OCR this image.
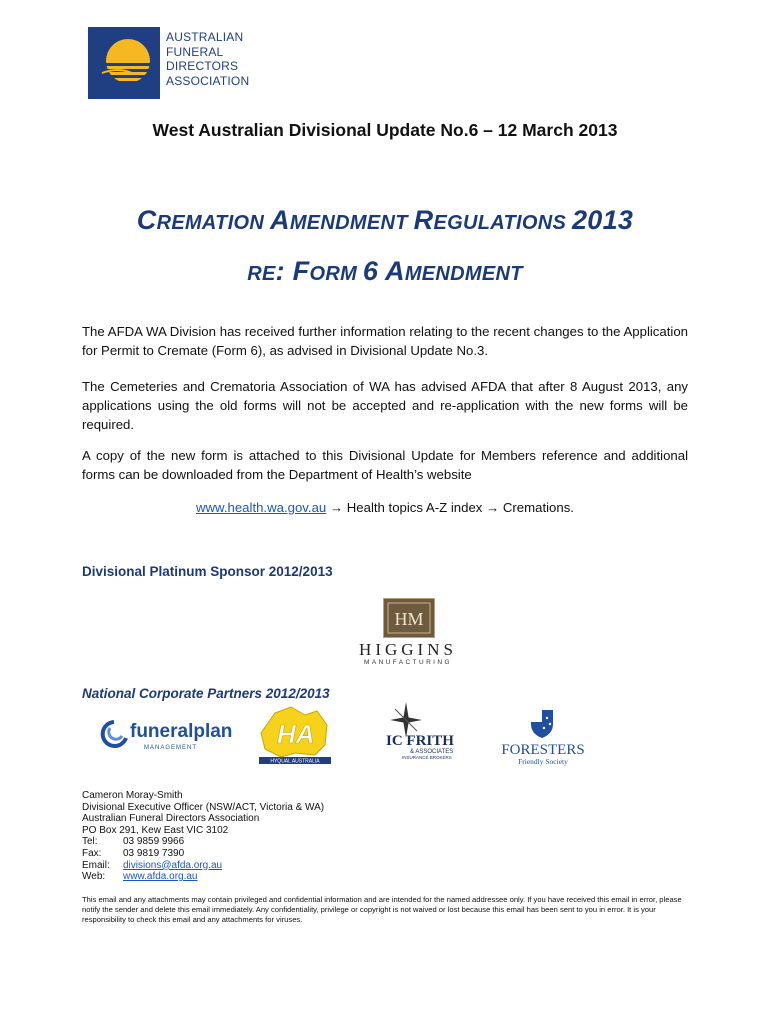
AUSTRALIAN
FUNERAL
DIRECTORS
ASSOCIATION
West Australian Divisional Update No.6 – 12 March 2013
CREMATION AMENDMENT REGULATIONS 2013
RE: FORM 6 AMENDMENT
The AFDA WA Division has received further information relating to the recent changes to the Application for Permit to Cremate (Form 6), as advised in Divisional Update No.3.
The Cemeteries and Crematoria Association of WA has advised AFDA that after 8 August 2013, any applications using the old forms will not be accepted and re-application with the new forms will be required.
A copy of the new form is attached to this Divisional Update for Members reference and additional forms can be downloaded from the Department of Health’s website
www.health.wa.gov.au → Health topics A-Z index → Cremations.
Divisional Platinum Sponsor 2012/2013
HM
HIGGINS
MANUFACTURING
National Corporate Partners 2012/2013
funeralplan
MANAGEMENT	HA
HYQUAL AUSTRALIA
IC FRITH
& ASSOCIATES
INSURANCE BROKERS	FORESTERS
Friendly Society
Cameron Moray-Smith
Divisional Executive Officer (NSW/ACT, Victoria & WA)
Australian Funeral Directors Association
PO Box 291, Kew East VIC 3102
Tel:	03 9859 9966
Fax: 03 9819 7390
Email: divisions@afda.org.au
Web: www.afda.org.au
This email and any attachments may contain privileged and confidential information and are intended for the named addressee only. If you have received this email in error, please notify the sender and delete this email immediately. Any confidentiality, privilege or copyright is not waived or lost because this email has been sent to you in error. It is your responsibility to check this email and any attachments for viruses.
